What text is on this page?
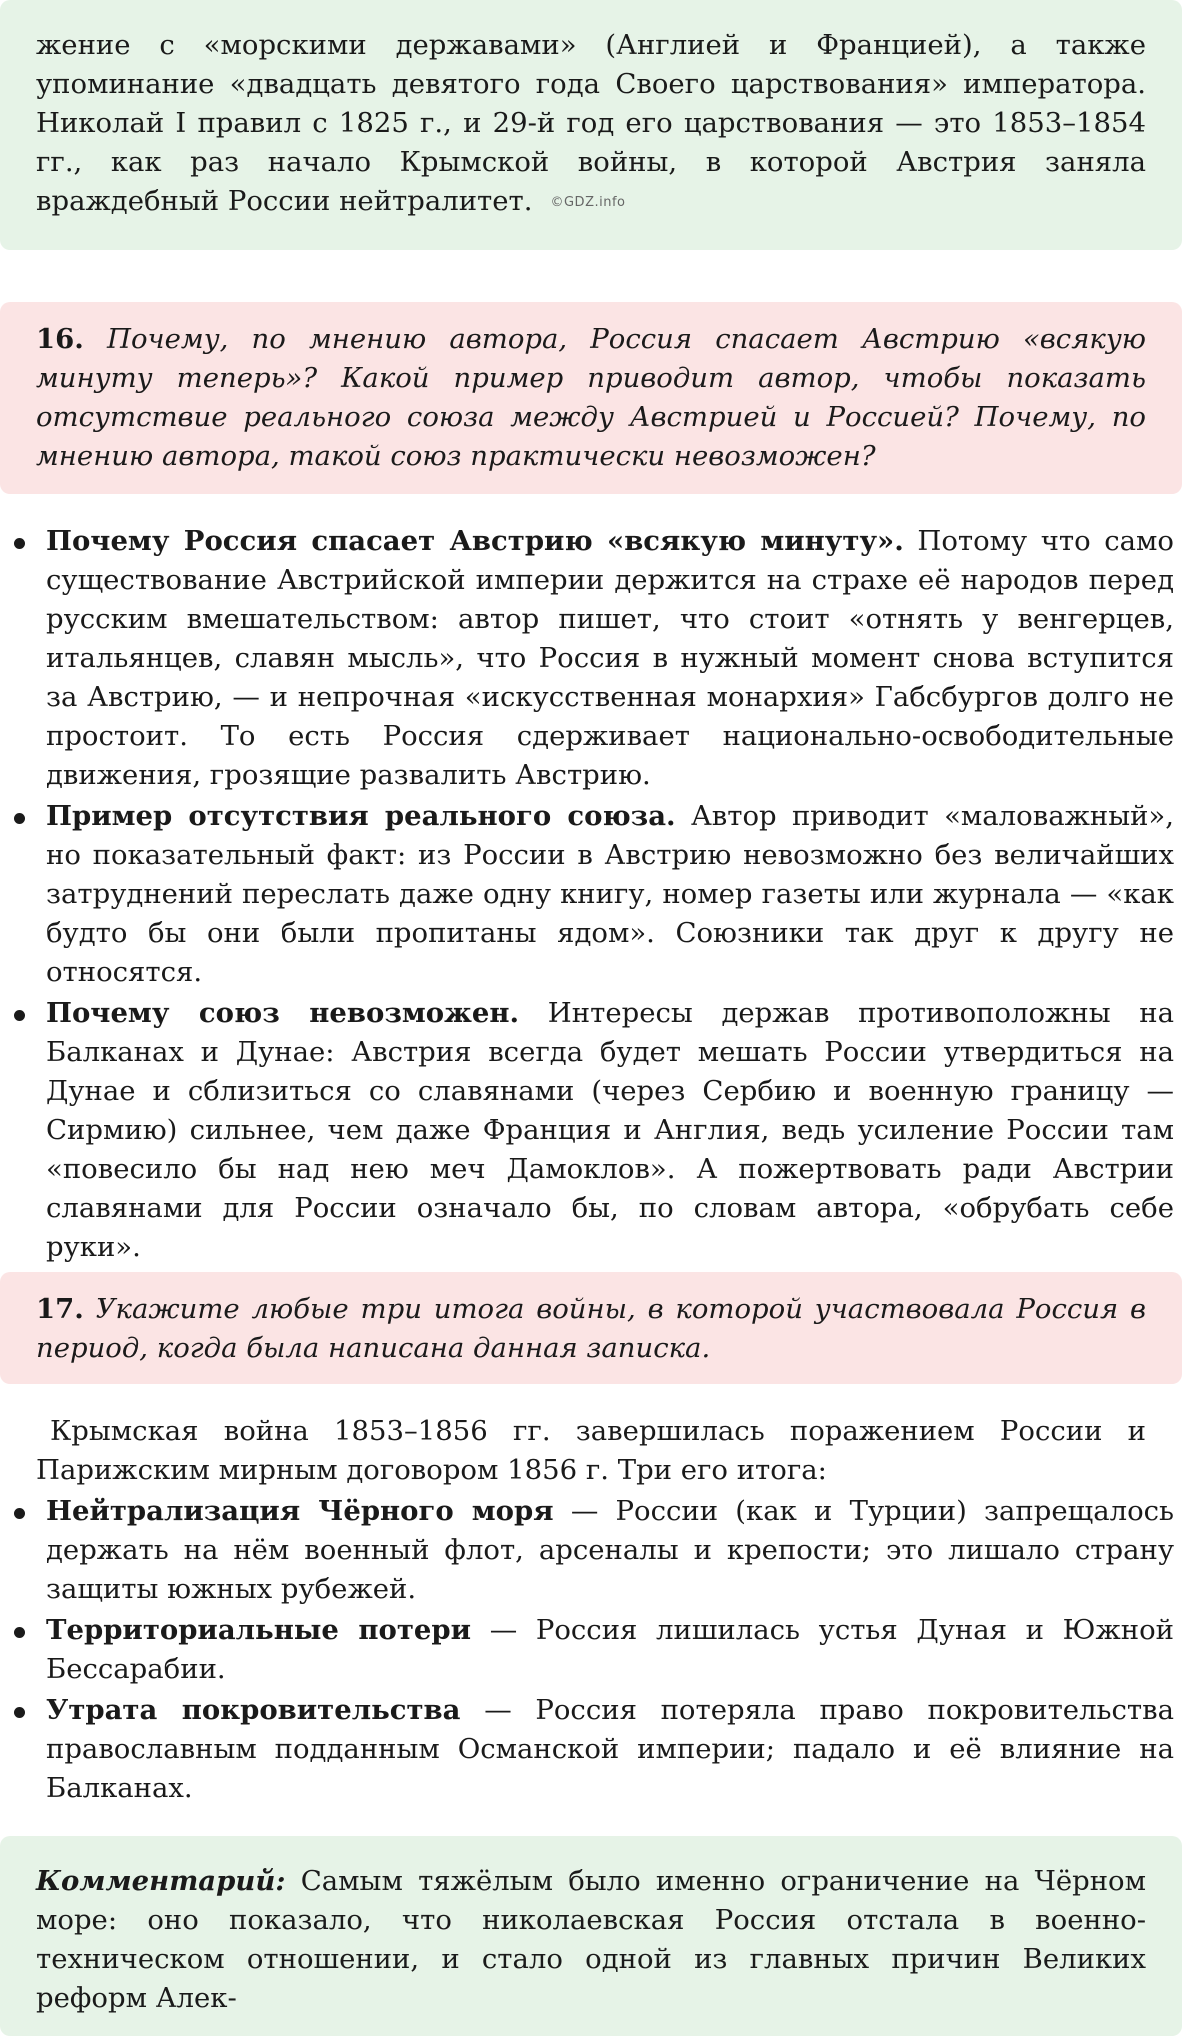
жение с «морскими державами» (Англией и Францией), а также упоминание «двадцать девятого года Своего царствования» императора. Николай I правил с 1825 г., и 29-й год его царствования — это 1853–1854 гг., как раз начало Крымской войны, в которой Австрия заняла враждебный России нейтралитет. ©GDZ.info
16. Почему, по мнению автора, Россия спасает Австрию «всякую минуту теперь»? Какой пример приводит автор, чтобы показать отсутствие реального союза между Австрией и Россией? Почему, по мнению автора, такой союз практически невозможен?
Почему Россия спасает Австрию «всякую минуту». Потому что само существование Австрийской империи держится на страхе её народов перед русским вмешательством: автор пишет, что стоит «отнять у венгерцев, итальянцев, славян мысль», что Россия в нужный момент снова вступится за Австрию, — и непрочная «искусственная монархия» Габсбургов долго не простоит. То есть Россия сдерживает национально-освободительные движения, грозящие развалить Австрию.
Пример отсутствия реального союза. Автор приводит «маловажный», но показательный факт: из России в Австрию невозможно без величайших затруднений переслать даже одну книгу, номер газеты или журнала — «как будто бы они были пропитаны ядом». Союзники так друг к другу не относятся.
Почему союз невозможен. Интересы держав противоположны на Балканах и Дунае: Австрия всегда будет мешать России утвердиться на Дунае и сблизиться со славянами (через Сербию и военную границу — Сирмию) сильнее, чем даже Франция и Англия, ведь усиление России там «повесило бы над нею меч Дамоклов». А пожертвовать ради Австрии славянами для России означало бы, по словам автора, «обрубать себе руки».
17. Укажите любые три итога войны, в которой участвовала Россия в период, когда была написана данная записка.
Крымская война 1853–1856 гг. завершилась поражением России и Парижским мирным договором 1856 г. Три его итога:
Нейтрализация Чёрного моря — России (как и Турции) запрещалось держать на нём военный флот, арсеналы и крепости; это лишало страну защиты южных рубежей.
Территориальные потери — Россия лишилась устья Дуная и Южной Бессарабии.
Утрата покровительства — Россия потеряла право покровительства православным подданным Османской империи; падало и её влияние на Балканах.
Комментарий: Самым тяжёлым было именно ограничение на Чёрном море: оно показало, что николаевская Россия отстала в военно-техническом отношении, и стало одной из главных причин Великих реформ Алек-
